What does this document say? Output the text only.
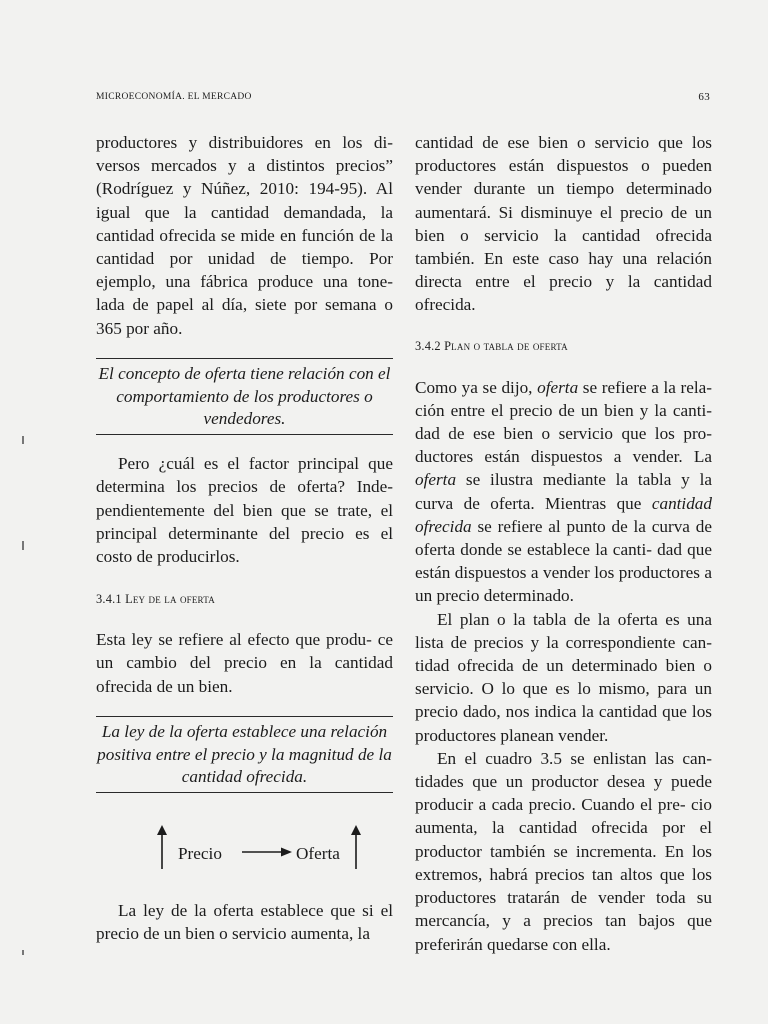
MICROECONOMÍA. EL MERCADO	63

productores y distribuidores en los di- versos mercados y a distintos precios” (Rodríguez y Núñez, 2010: 194-95). Al igual que la cantidad demandada, la cantidad ofrecida se mide en función de la cantidad por unidad de tiempo. Por ejemplo, una fábrica produce una tone- lada de papel al día, siete por semana o 365 por año.

El concepto de oferta tiene relación con el comportamiento de los productores o vendedores.

Pero ¿cuál es el factor principal que determina los precios de oferta? Inde- pendientemente del bien que se trate, el principal determinante del precio es el costo de producirlos.

3.4.1 Ley de la oferta

Esta ley se refiere al efecto que produ- ce un cambio del precio en la cantidad ofrecida de un bien.

La ley de la oferta establece una relación positiva entre el precio y la magnitud de la cantidad ofrecida.
Precio	Oferta

La ley de la oferta establece que si el precio de un bien o servicio aumenta, la

cantidad de ese bien o servicio que los productores están dispuestos o pueden vender durante un tiempo determinado aumentará. Si disminuye el precio de un bien o servicio la cantidad ofrecida también. En este caso hay una relación directa entre el precio y la cantidad ofrecida.

3.4.2 Plan o tabla de oferta

Como ya se dijo, oferta se refiere a la rela- ción entre el precio de un bien y la canti- dad de ese bien o servicio que los pro- ductores están dispuestos a vender. La oferta se ilustra mediante la tabla y la curva de oferta. Mientras que cantidad ofrecida se refiere al punto de la curva de oferta donde se establece la canti- dad que están dispuestos a vender los productores a un precio determinado.

El plan o la tabla de la oferta es una lista de precios y la correspondiente can- tidad ofrecida de un determinado bien o servicio. O lo que es lo mismo, para un precio dado, nos indica la cantidad que los productores planean vender.

En el cuadro 3.5 se enlistan las can- tidades que un productor desea y puede producir a cada precio. Cuando el pre- cio aumenta, la cantidad ofrecida por el productor también se incrementa. En los extremos, habrá precios tan altos que los productores tratarán de vender toda su mercancía, y a precios tan bajos que preferirán quedarse con ella.
